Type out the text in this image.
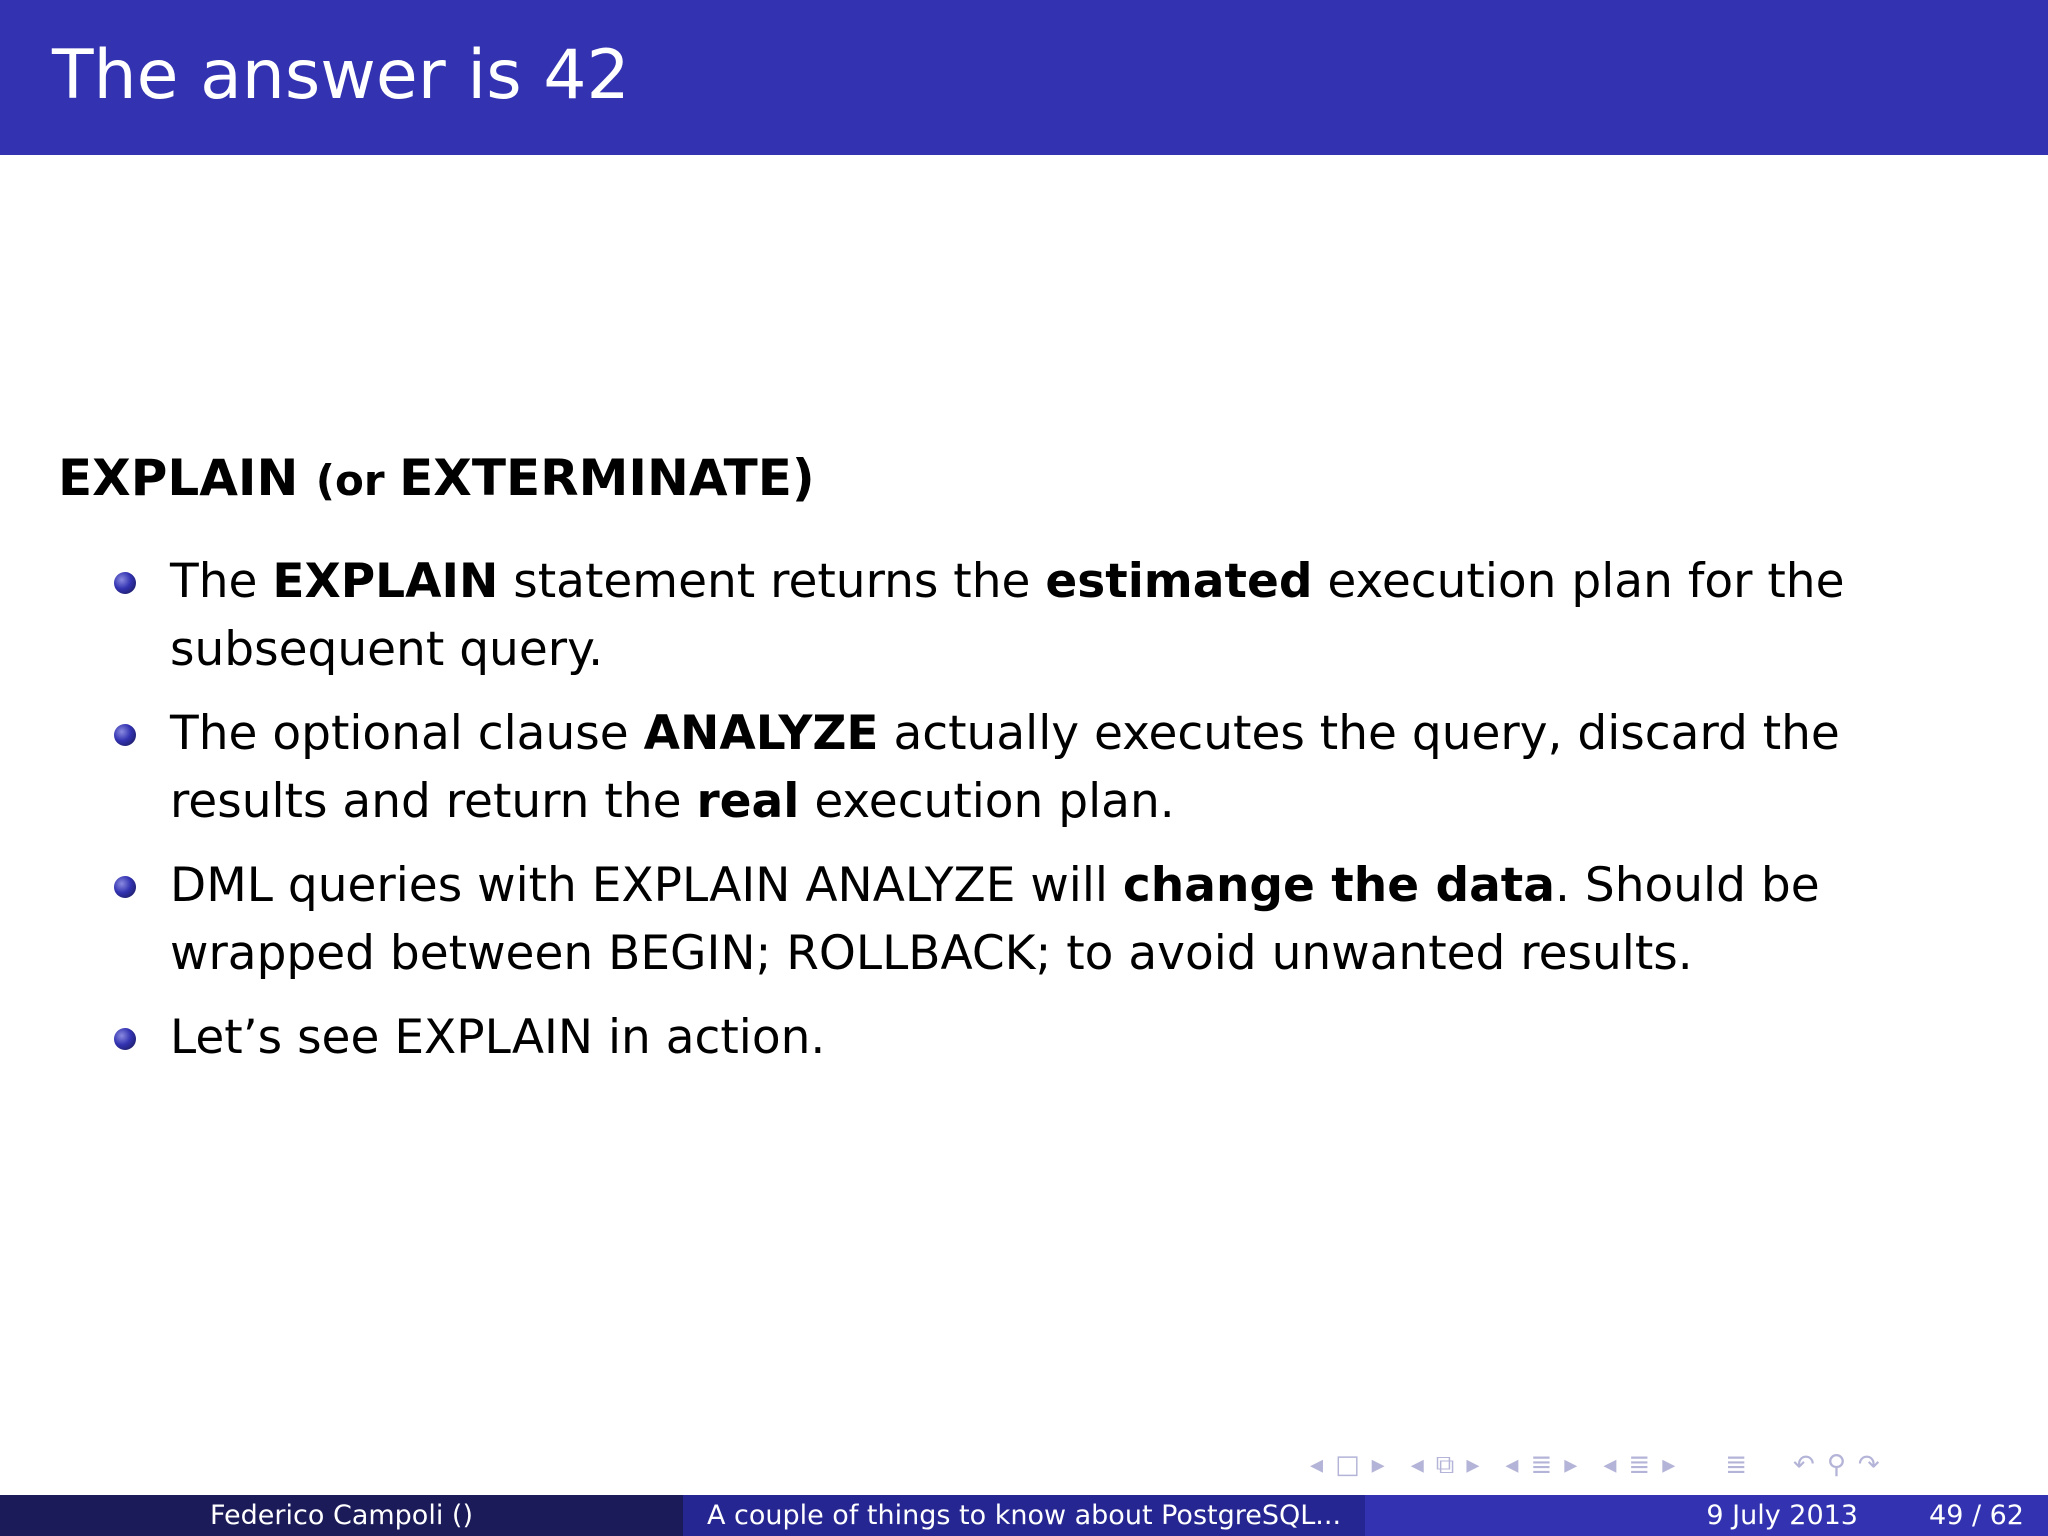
The answer is 42
EXPLAIN (or EXTERMINATE)
The EXPLAIN statement returns the estimated execution plan for the subsequent query.
The optional clause ANALYZE actually executes the query, discard the results and return the real execution plan.
DML queries with EXPLAIN ANALYZE will change the data. Should be wrapped between BEGIN; ROLLBACK; to avoid unwanted results.
Let’s see EXPLAIN in action.
◂ □ ▸ ◂ ⧉ ▸ ◂ ≣ ▸ ◂ ≣ ▸ ≣ ↶ ⚲ ↷
Federico Campoli ()	A couple of things to know about PostgreSQL...	9 July 2013	49 / 62
